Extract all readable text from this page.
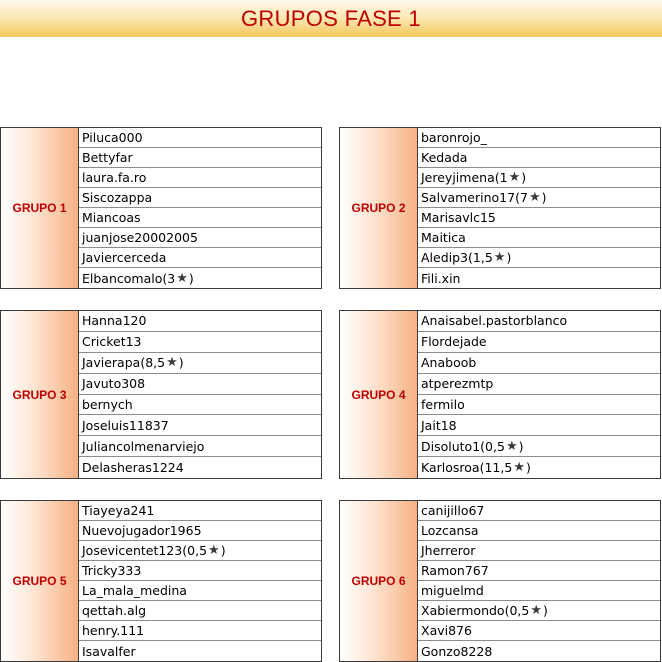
GRUPOS FASE 1
GRUPO 1
Piluca000
Bettyfar
laura.fa.ro
Siscozappa
Miancoas
juanjose20002005
Javiercerceda
Elbancomalo ( 3 ★ )
GRUPO 2
baronrojo_
Kedada
Jereyjimena ( 1 ★ )
Salvamerino17 ( 7 ★ )
Marisavlc15
Maitica
Aledip3 ( 1,5 ★ )
Fili.xin
GRUPO 3
Hanna120
Cricket13
Javierapa ( 8,5 ★ )
Javuto308
bernych
Joseluis11837
Juliancolmenarviejo
Delasheras1224
GRUPO 4
Anaisabel.pastorblanco
Flordejade
Anaboob
atperezmtp
fermilo
Jait18
Disoluto1 ( 0,5 ★ )
Karlosroa ( 11,5 ★ )
GRUPO 5
Tiayeya241
Nuevojugador1965
Josevicentet123 ( 0,5 ★ )
Tricky333
La_mala_medina
qettah.alg
henry.111
Isavalfer
GRUPO 6
canijillo67
Lozcansa
Jherreror
Ramon767
miguelmd
Xabiermondo ( 0,5 ★ )
Xavi876
Gonzo8228
